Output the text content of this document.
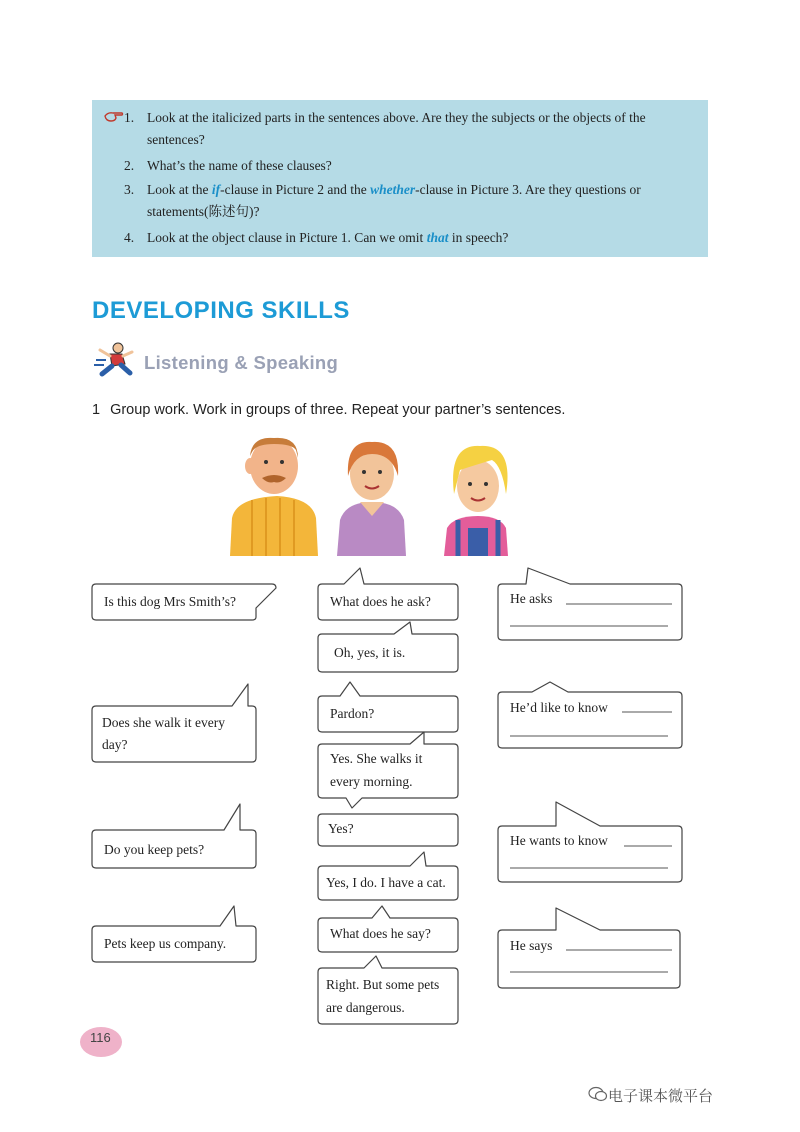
1. Look at the italicized parts in the sentences above. Are they the subjects or the objects of the
sentences?
2. What’s the name of these clauses?
3. Look at the if-clause in Picture 2 and the whether-clause in Picture 3. Are they questions or
statements(陈述句)?
4. Look at the object clause in Picture 1. Can we omit that in speech?
DEVELOPING SKILLS
Listening & Speaking
1 Group work. Work in groups of three. Repeat your partner’s sentences.
Is this dog Mrs Smith’s?
Does she walk it every
day?
Do you keep pets?
Pets keep us company.
What does he ask?
Oh, yes, it is.
Pardon?
Yes. She walks it
every morning.
Yes?
Yes, I do. I have a cat.
What does he say?
Right. But some pets
are dangerous.
He asks
He’d like to know
He wants to know
He says
116
电子课本微平台
